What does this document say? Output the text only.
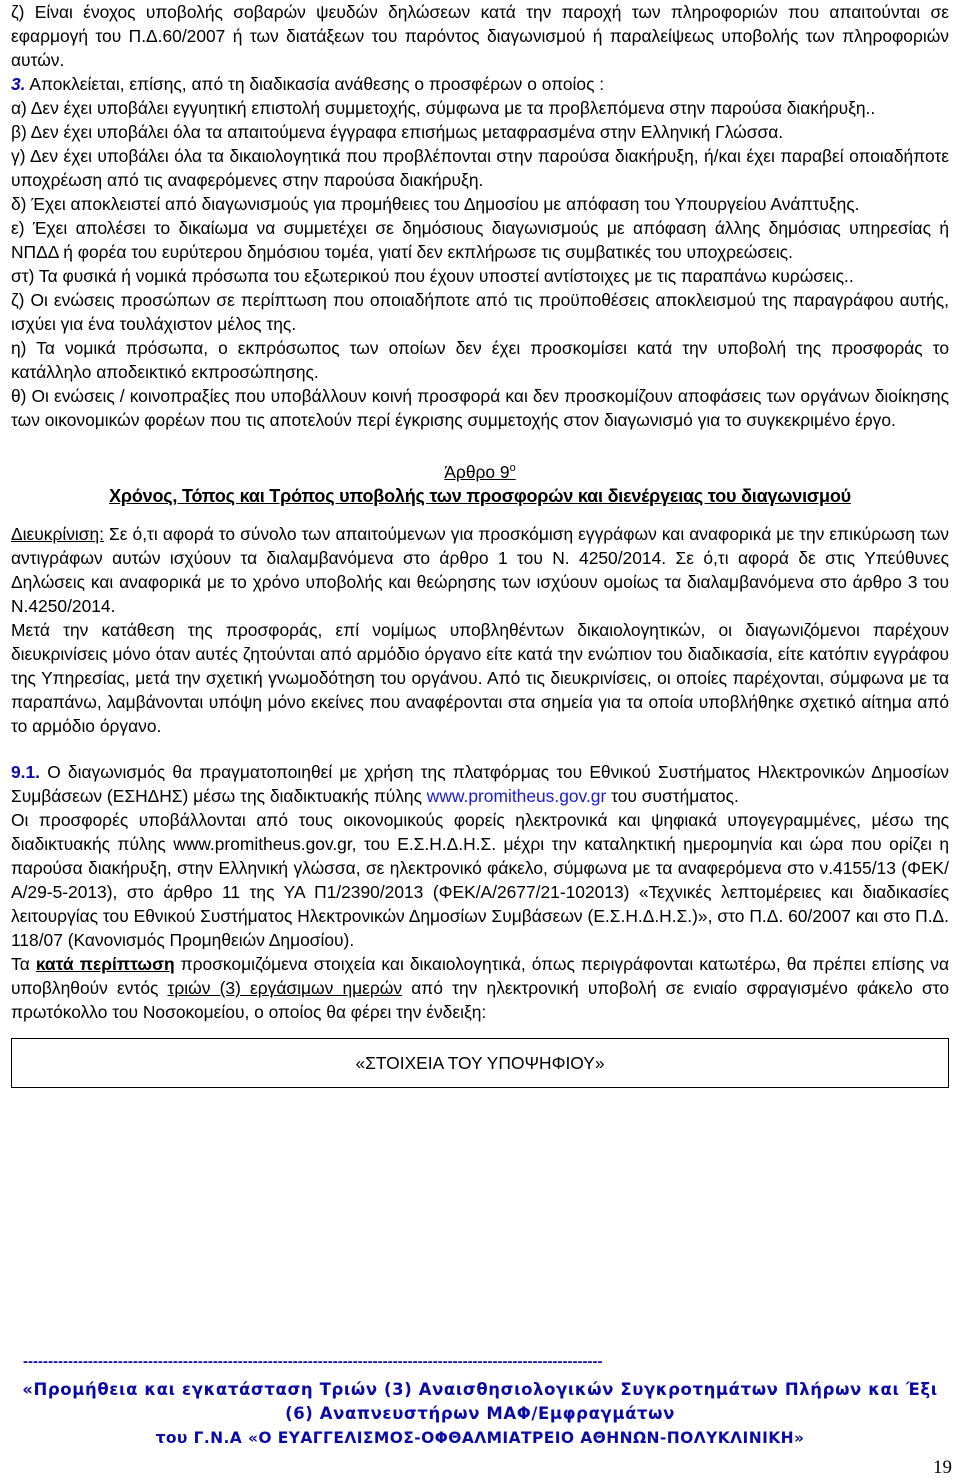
ζ) Είναι ένοχος υποβολής σοβαρών ψευδών δηλώσεων κατά την παροχή των πληροφοριών που απαιτούνται σε εφαρμογή του Π.Δ.60/2007 ή των διατάξεων του παρόντος διαγωνισμού ή παραλείψεως υποβολής των πληροφοριών αυτών.

3. Αποκλείεται, επίσης, από τη διαδικασία ανάθεσης ο προσφέρων ο οποίος :

α) Δεν έχει υποβάλει εγγυητική επιστολή συμμετοχής, σύμφωνα με τα προβλεπόμενα στην παρούσα διακήρυξη..

β) Δεν έχει υποβάλει όλα τα απαιτούμενα έγγραφα επισήμως μεταφρασμένα στην Ελληνική Γλώσσα.

γ) Δεν έχει υποβάλει όλα τα δικαιολογητικά που προβλέπονται στην παρούσα διακήρυξη, ή/και έχει παραβεί οποιαδήποτε υποχρέωση από τις αναφερόμενες στην παρούσα διακήρυξη.

δ) Έχει αποκλειστεί από διαγωνισμούς για προμήθειες του Δημοσίου με απόφαση του Υπουργείου Ανάπτυξης.

ε) Έχει απολέσει το δικαίωμα να συμμετέχει σε δημόσιους διαγωνισμούς με απόφαση άλλης δημόσιας υπηρεσίας ή ΝΠΔΔ ή φορέα του ευρύτερου δημόσιου τομέα, γιατί δεν εκπλήρωσε τις συμβατικές του υποχρεώσεις.

στ) Τα φυσικά ή νομικά πρόσωπα του εξωτερικού που έχουν υποστεί αντίστοιχες με τις παραπάνω κυρώσεις..

ζ) Οι ενώσεις προσώπων σε περίπτωση που οποιαδήποτε από τις προϋποθέσεις αποκλεισμού της παραγράφου αυτής, ισχύει για ένα τουλάχιστον μέλος της.

η) Τα νομικά πρόσωπα, ο εκπρόσωπος των οποίων δεν έχει προσκομίσει κατά την υποβολή της προσφοράς το κατάλληλο αποδεικτικό εκπροσώπησης.

θ) Οι ενώσεις / κοινοπραξίες που υποβάλλουν κοινή προσφορά και δεν προσκομίζουν αποφάσεις των οργάνων διοίκησης των οικονομικών φορέων που τις αποτελούν περί έγκρισης συμμετοχής στον διαγωνισμό για το συγκεκριμένο έργο.

Άρθρο $9^o$

Χρόνος, Τόπος και Τρόπος υποβολής των προσφορών και διενέργειας του διαγωνισμού

Διευκρίνιση: Σε ό,τι αφορά το σύνολο των απαιτούμενων για προσκόμιση εγγράφων και αναφορικά με την επικύρωση των αντιγράφων αυτών ισχύουν τα διαλαμβανόμενα στο άρθρο 1 του Ν. 4250/2014. Σε ό,τι αφορά δε στις Υπεύθυνες Δηλώσεις και αναφορικά με το χρόνο υποβολής και θεώρησης των ισχύουν ομοίως τα διαλαμβανόμενα στο άρθρο 3 του Ν.4250/2014.

Μετά την κατάθεση της προσφοράς, επί νομίμως υποβληθέντων δικαιολογητικών, οι διαγωνιζόμενοι παρέχουν διευκρινίσεις μόνο όταν αυτές ζητούνται από αρμόδιο όργανο είτε κατά την ενώπιον του διαδικασία, είτε κατόπιν εγγράφου της Υπηρεσίας, μετά την σχετική γνωμοδότηση του οργάνου. Από τις διευκρινίσεις, οι οποίες παρέχονται, σύμφωνα με τα παραπάνω, λαμβάνονται υπόψη μόνο εκείνες που αναφέρονται στα σημεία για τα οποία υποβλήθηκε σχετικό αίτημα από το αρμόδιο όργανο.

9.1. Ο διαγωνισμός θα πραγματοποιηθεί με χρήση της πλατφόρμας του Εθνικού Συστήματος Ηλεκτρονικών Δημοσίων Συμβάσεων (ΕΣΗΔΗΣ) μέσω της διαδικτυακής πύλης www.promitheus.gov.gr του συστήματος.

Οι προσφορές υποβάλλονται από τους οικονομικούς φορείς ηλεκτρονικά και ψηφιακά υπογεγραμμένες, μέσω της διαδικτυακής πύλης www.promitheus.gov.gr, του Ε.Σ.Η.Δ.Η.Σ. μέχρι την καταληκτική ημερομηνία και ώρα που ορίζει η παρούσα διακήρυξη, στην Ελληνική γλώσσα, σε ηλεκτρονικό φάκελο, σύμφωνα με τα αναφερόμενα στο ν.4155/13 (ΦΕΚ/Α/29-5-2013), στο άρθρο 11 της ΥΑ Π1/2390/2013 (ΦΕΚ/Α/2677/21-102013) «Τεχνικές λεπτομέρειες και διαδικασίες λειτουργίας του Εθνικού Συστήματος Ηλεκτρονικών Δημοσίων Συμβάσεων (Ε.Σ.Η.Δ.Η.Σ.)», στο Π.Δ. 60/2007 και στο Π.Δ. 118/07 (Κανονισμός Προμηθειών Δημοσίου).

Τα κατά περίπτωση προσκομιζόμενα στοιχεία και δικαιολογητικά, όπως περιγράφονται κατωτέρω, θα πρέπει επίσης να υποβληθούν εντός τριών (3) εργάσιμων ημερών από την ηλεκτρονική υποβολή σε ενιαίο σφραγισμένο φάκελο στο πρωτόκολλο του Νοσοκομείου, ο οποίος θα φέρει την ένδειξη:

«ΣΤΟΙΧΕΙΑ ΤΟΥ ΥΠΟΨΗΦΙΟΥ»
--------------------------------------------------------------------------------------------------------------------
«Προμήθεια και εγκατάσταση Τριών (3) Αναισθησιολογικών Συγκροτημάτων Πλήρων και Έξι
(6) Αναπνευστήρων ΜΑΦ/Εμφραγμάτων
του Γ.Ν.Α «Ο ΕΥΑΓΓΕΛΙΣΜΟΣ-ΟΦΘΑΛΜΙΑΤΡΕΙΟ ΑΘΗΝΩΝ-ΠΟΛΥΚΛΙΝΙΚΗ»
19
